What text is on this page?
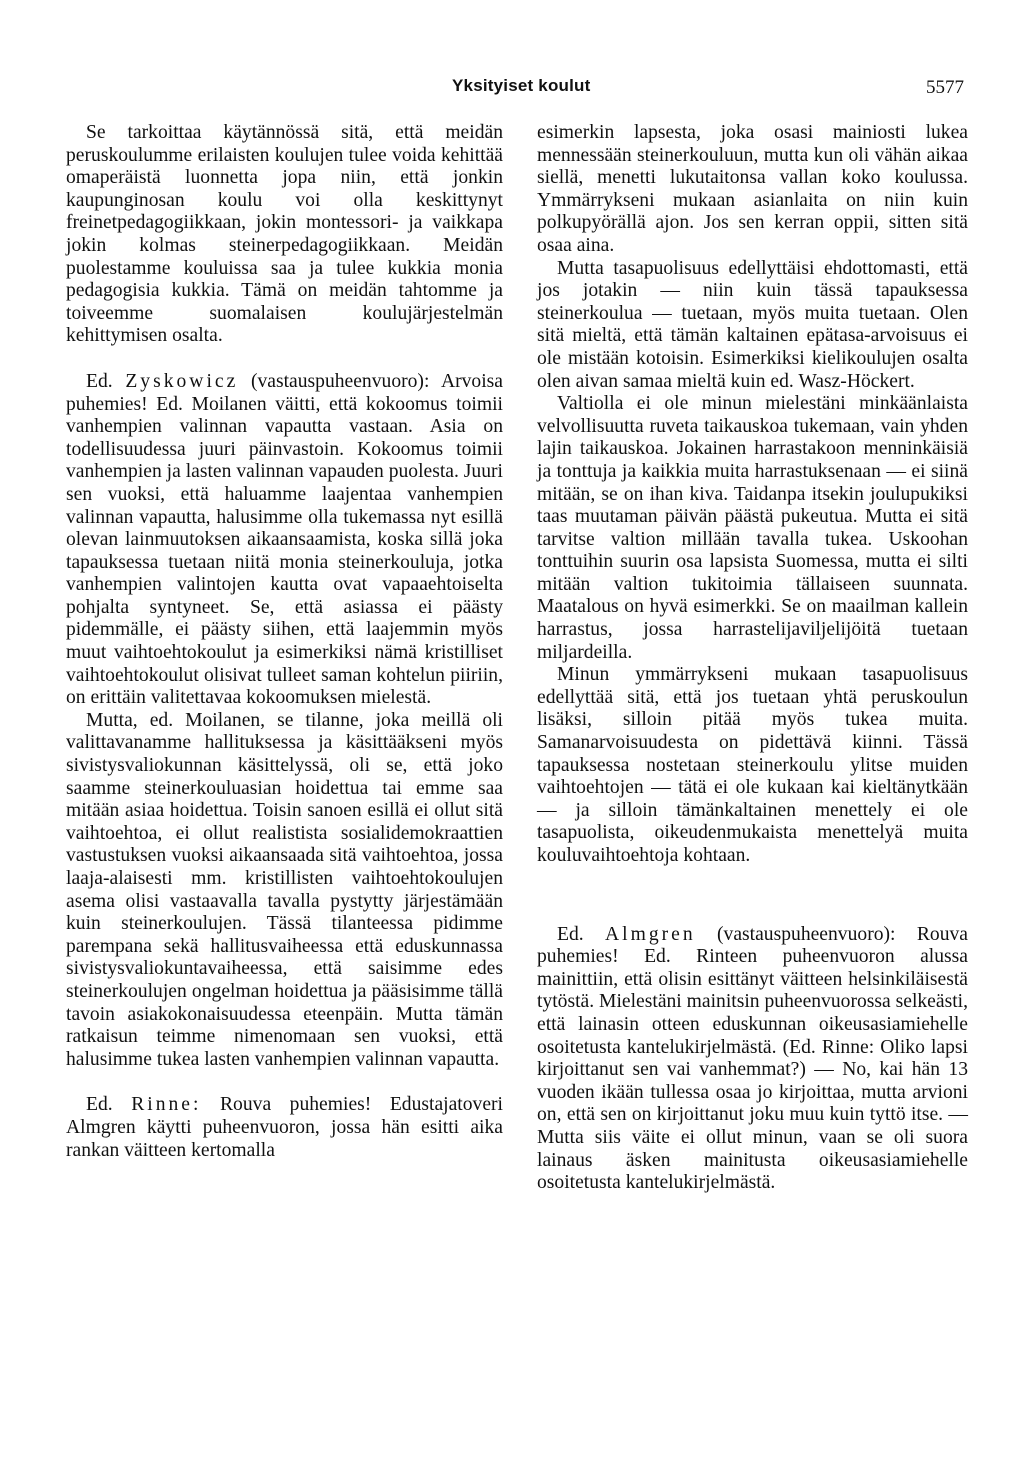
Yksityiset koulut	5577

Se tarkoittaa käytännössä sitä, että meidän peruskoulumme erilaisten koulujen tulee voida kehittää omaperäistä luonnetta jopa niin, että jonkin kaupunginosan koulu voi olla keskittynyt freinetpedagogiikkaan, jokin montessori- ja vaikkapa jokin kolmas steinerpedagogiikkaan. Meidän puolestamme kouluissa saa ja tulee kukkia monia pedagogisia kukkia. Tämä on meidän tahtomme ja toiveemme suomalaisen koulujärjestelmän kehittymisen osalta.

Ed. Zyskowicz (vastauspuheenvuoro): Arvoisa puhemies! Ed. Moilanen väitti, että kokoomus toimii vanhempien valinnan vapautta vastaan. Asia on todellisuudessa juuri päinvastoin. Kokoomus toimii vanhempien ja lasten valinnan vapauden puolesta. Juuri sen vuoksi, että haluamme laajentaa vanhempien valinnan vapautta, halusimme olla tukemassa nyt esillä olevan lainmuutoksen aikaansaamista, koska sillä joka tapauksessa tuetaan niitä monia steinerkouluja, jotka vanhempien valintojen kautta ovat vapaaehtoiselta pohjalta syntyneet. Se, että asiassa ei päästy pidemmälle, ei päästy siihen, että laajemmin myös muut vaihtoehtokoulut ja esimerkiksi nämä kristilliset vaihtoehtokoulut olisivat tulleet saman kohtelun piiriin, on erittäin valitettavaa kokoomuksen mielestä.

Mutta, ed. Moilanen, se tilanne, joka meillä oli valittavanamme hallituksessa ja käsittääkseni myös sivistysvaliokunnan käsittelyssä, oli se, että joko saamme steinerkouluasian hoidettua tai emme saa mitään asiaa hoidettua. Toisin sanoen esillä ei ollut sitä vaihtoehtoa, ei ollut realistista sosialidemokraattien vastustuksen vuoksi aikaansaada sitä vaihtoehtoa, jossa laaja-alaisesti mm. kristillisten vaihtoehtokoulujen asema olisi vastaavalla tavalla pystytty järjestämään kuin steinerkoulujen. Tässä tilanteessa pidimme parempana sekä hallitusvaiheessa että eduskunnassa sivistysvaliokuntavaiheessa, että saisimme edes steinerkoulujen ongelman hoidettua ja pääsisimme tällä tavoin asiakokonaisuudessa eteenpäin. Mutta tämän ratkaisun teimme nimenomaan sen vuoksi, että halusimme tukea lasten vanhempien valinnan vapautta.

Ed. Rinne: Rouva puhemies! Edustajatoveri Almgren käytti puheenvuoron, jossa hän esitti aika rankan väitteen kertomalla

esimerkin lapsesta, joka osasi mainiosti lukea mennessään steinerkouluun, mutta kun oli vähän aikaa siellä, menetti lukutaitonsa vallan koko koulussa. Ymmärrykseni mukaan asianlaita on niin kuin polkupyörällä ajon. Jos sen kerran oppii, sitten sitä osaa aina.

Mutta tasapuolisuus edellyttäisi ehdottomasti, että jos jotakin — niin kuin tässä tapauksessa steinerkoulua — tuetaan, myös muita tuetaan. Olen sitä mieltä, että tämän kaltainen epätasa-arvoisuus ei ole mistään kotoisin. Esimerkiksi kielikoulujen osalta olen aivan samaa mieltä kuin ed. Wasz-Höckert.

Valtiolla ei ole minun mielestäni minkäänlaista velvollisuutta ruveta taikauskoa tukemaan, vain yhden lajin taikauskoa. Jokainen harrastakoon menninkäisiä ja tonttuja ja kaikkia muita harrastuksenaan — ei siinä mitään, se on ihan kiva. Taidanpa itsekin joulupukiksi taas muutaman päivän päästä pukeutua. Mutta ei sitä tarvitse valtion millään tavalla tukea. Uskoohan tonttuihin suurin osa lapsista Suomessa, mutta ei silti mitään valtion tukitoimia tällaiseen suunnata. Maatalous on hyvä esimerkki. Se on maailman kallein harrastus, jossa harrastelijaviljelijöitä tuetaan miljardeilla.

Minun ymmärrykseni mukaan tasapuolisuus edellyttää sitä, että jos tuetaan yhtä peruskoulun lisäksi, silloin pitää myös tukea muita. Samanarvoisuudesta on pidettävä kiinni. Tässä tapauksessa nostetaan steinerkoulu ylitse muiden vaihtoehtojen — tätä ei ole kukaan kai kieltänytkään — ja silloin tämänkaltainen menettely ei ole tasapuolista, oikeudenmukaista menettelyä muita kouluvaihtoehtoja kohtaan.

Ed. Almgren (vastauspuheenvuoro): Rouva puhemies! Ed. Rinteen puheenvuoron alussa mainittiin, että olisin esittänyt väitteen helsinkiläisestä tytöstä. Mielestäni mainitsin puheenvuorossa selkeästi, että lainasin otteen eduskunnan oikeusasiamiehelle osoitetusta kantelukirjelmästä. (Ed. Rinne: Oliko lapsi kirjoittanut sen vai vanhemmat?) — No, kai hän 13 vuoden ikään tullessa osaa jo kirjoittaa, mutta arvioni on, että sen on kirjoittanut joku muu kuin tyttö itse. — Mutta siis väite ei ollut minun, vaan se oli suora lainaus äsken mainitusta oikeusasiamiehelle osoitetusta kantelukirjelmästä.
